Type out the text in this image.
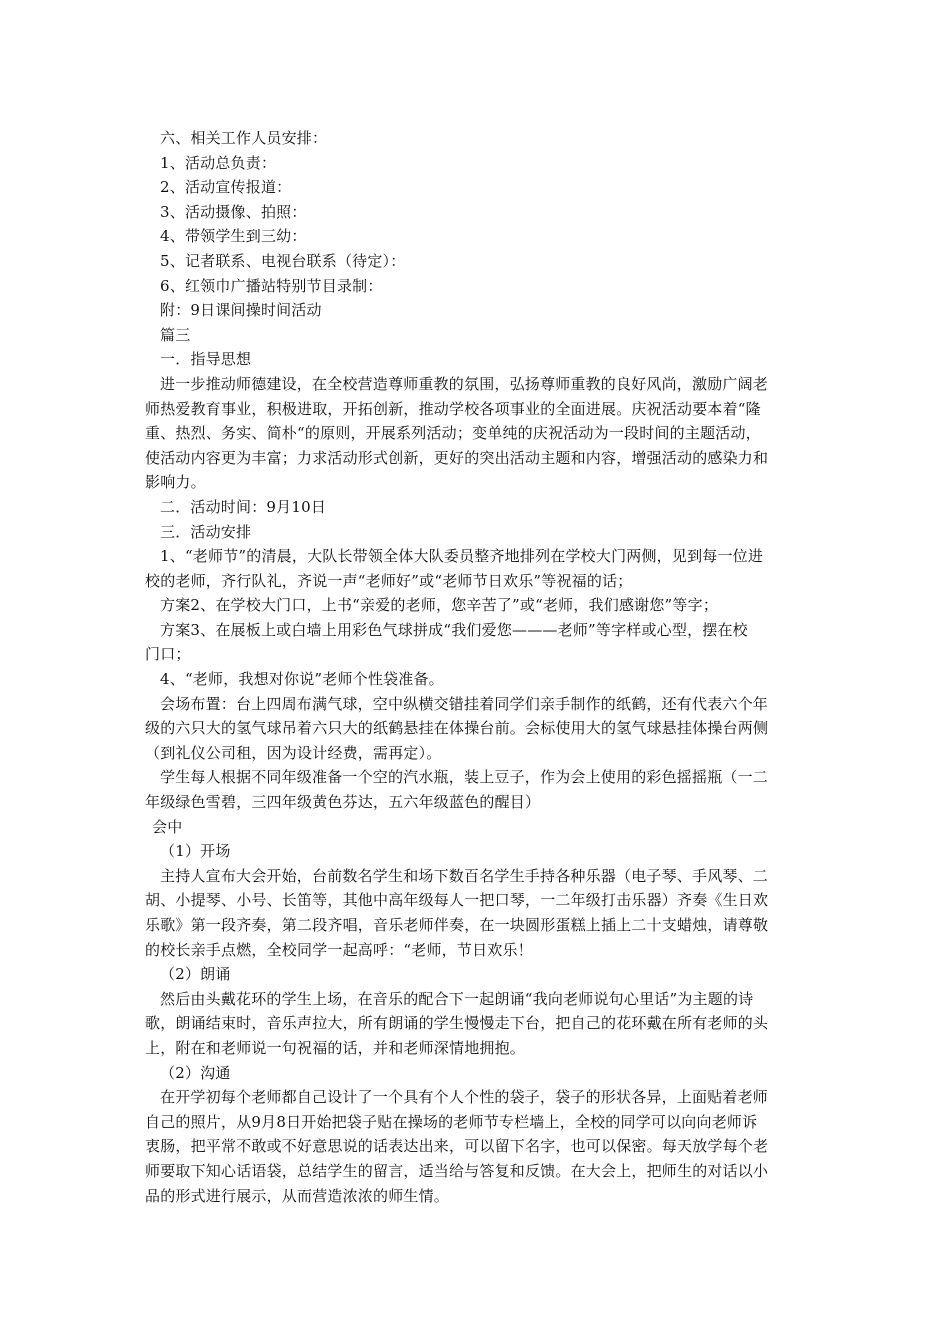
六、相关工作人员安排：
1、活动总负责：
2、活动宣传报道：
3、活动摄像、拍照：
4、带领学生到三幼：
5、记者联系、电视台联系（待定）：
6、红领巾广播站特别节目录制：
附：9日课间操时间活动
篇三
一．指导思想
进一步推动师德建设，在全校营造尊师重教的氛围，弘扬尊师重教的良好风尚，激励广阔老
师热爱教育事业，积极进取，开拓创新，推动学校各项事业的全面进展。庆祝活动要本着“隆
重、热烈、务实、简朴“的原则，开展系列活动；变单纯的庆祝活动为一段时间的主题活动，
使活动内容更为丰富；力求活动形式创新，更好的突出活动主题和内容，增强活动的感染力和
影响力。
二．活动时间：9月10日
三．活动安排
1、“老师节”的清晨，大队长带领全体大队委员整齐地排列在学校大门两侧，见到每一位进
校的老师，齐行队礼，齐说一声“老师好”或“老师节日欢乐”等祝福的话；
方案2、在学校大门口，上书“亲爱的老师，您辛苦了”或“老师，我们感谢您”等字；
方案3、在展板上或白墙上用彩色气球拼成“我们爱您———老师”等字样或心型，摆在校
门口；
4、“老师，我想对你说”老师个性袋准备。
会场布置：台上四周布满气球，空中纵横交错挂着同学们亲手制作的纸鹤，还有代表六个年
级的六只大的氢气球吊着六只大的纸鹤悬挂在体操台前。会标使用大的氢气球悬挂体操台两侧
（到礼仪公司租，因为设计经费，需再定）。
学生每人根据不同年级准备一个空的汽水瓶，装上豆子，作为会上使用的彩色摇摇瓶（一二
年级绿色雪碧，三四年级黄色芬达，五六年级蓝色的醒目）
会中
（1）开场
主持人宣布大会开始，台前数名学生和场下数百名学生手持各种乐器（电子琴、手风琴、二
胡、小提琴、小号、长笛等，其他中高年级每人一把口琴，一二年级打击乐器）齐奏《生日欢
乐歌》第一段齐奏，第二段齐唱，音乐老师伴奏，在一块圆形蛋糕上插上二十支蜡烛，请尊敬
的校长亲手点燃，全校同学一起高呼：“老师，节日欢乐！
（2）朗诵
然后由头戴花环的学生上场，在音乐的配合下一起朗诵“我向老师说句心里话”为主题的诗
歌，朗诵结束时，音乐声拉大，所有朗诵的学生慢慢走下台，把自己的花环戴在所有老师的头
上，附在和老师说一句祝福的话，并和老师深情地拥抱。
（2）沟通
在开学初每个老师都自己设计了一个具有个人个性的袋子，袋子的形状各异，上面贴着老师
自己的照片，从9月8日开始把袋子贴在操场的老师节专栏墙上，全校的同学可以向向老师诉
衷肠，把平常不敢或不好意思说的话表达出来，可以留下名字，也可以保密。每天放学每个老
师要取下知心话语袋，总结学生的留言，适当给与答复和反馈。在大会上，把师生的对话以小
品的形式进行展示，从而营造浓浓的师生情。
